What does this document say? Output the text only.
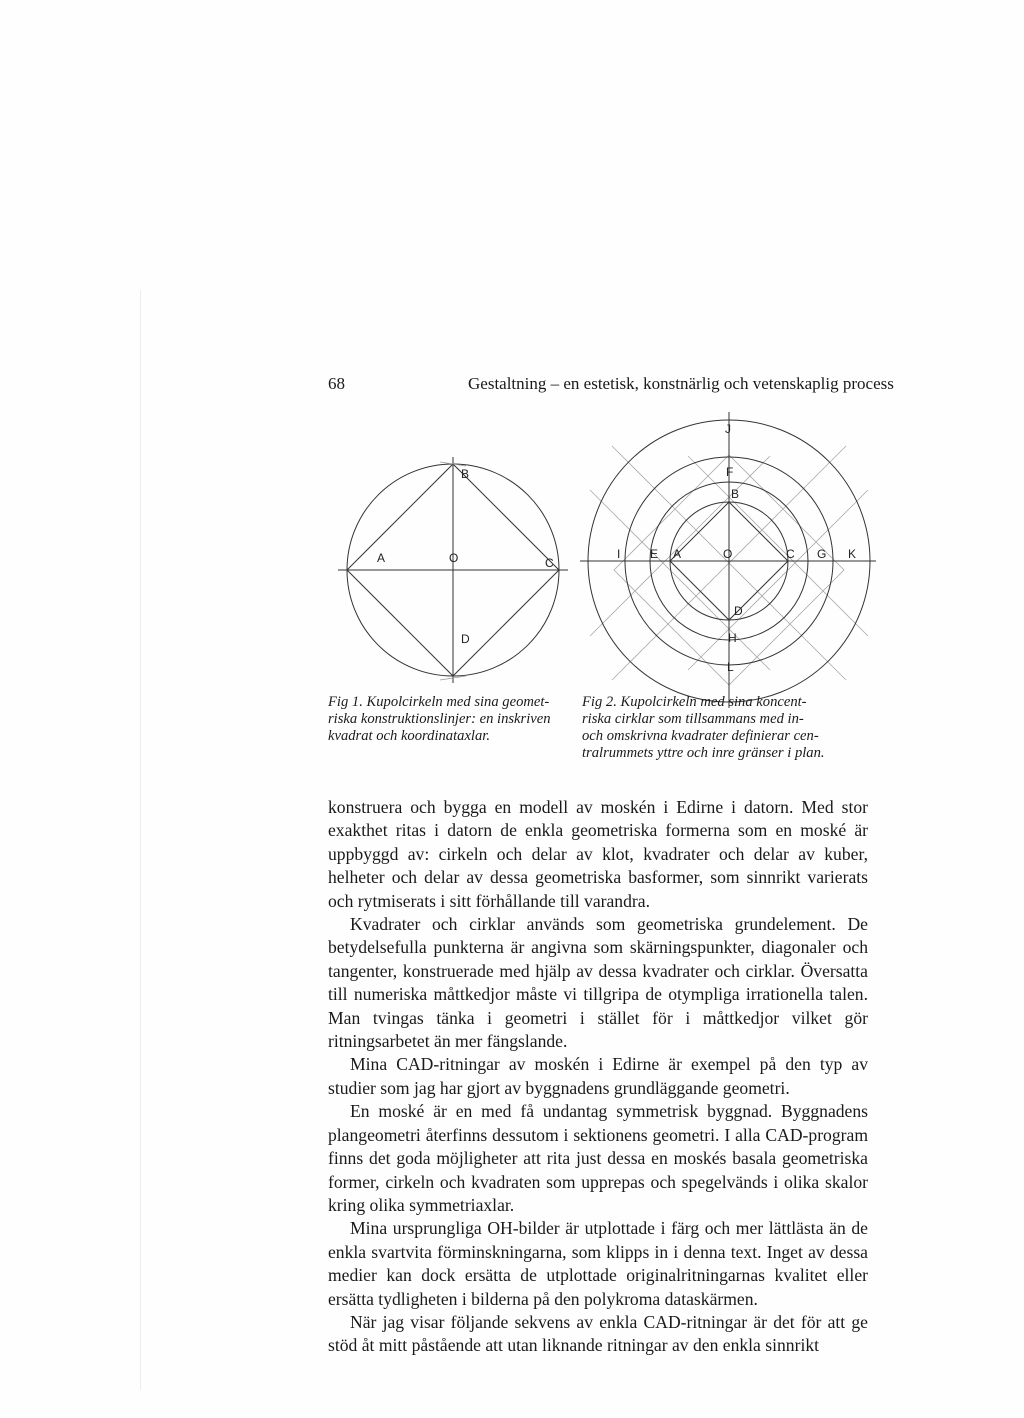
68	Gestaltning – en estetisk, konstnärlig och vetenskaplig process
B
A	O	C
D
J
F
B
I E A	O	C G K
D
H
L
Fig 1. Kupolcirkeln med sina geomet-
riska konstruktionslinjer: en inskriven
kvadrat och koordinataxlar.
Fig 2. Kupolcirkeln med sina koncent-
riska cirklar som tillsammans med in-
och omskrivna kvadrater definierar cen-
tralrummets yttre och inre gränser i plan.

konstruera och bygga en modell av moskén i Edirne i datorn. Med stor exakthet ritas i datorn de enkla geometriska formerna som en moské är uppbyggd av: cirkeln och delar av klot, kvadrater och delar av kuber, helheter och delar av dessa geometriska basformer, som sinnrikt varierats och rytmiserats i sitt förhållande till varandra.

Kvadrater och cirklar används som geometriska grundelement. De betydelsefulla punkterna är angivna som skärningspunkter, diagonaler och tangenter, konstruerade med hjälp av dessa kvadrater och cirklar. Översatta till numeriska måttkedjor måste vi tillgripa de otympliga irrationella talen. Man tvingas tänka i geometri i stället för i måttkedjor vilket gör ritningsarbetet än mer fängslande.

Mina CAD-ritningar av moskén i Edirne är exempel på den typ av studier som jag har gjort av byggnadens grundläggande geometri.

En moské är en med få undantag symmetrisk byggnad. Byggnadens plangeometri återfinns dessutom i sektionens geometri. I alla CAD-program finns det goda möjligheter att rita just dessa en moskés basala geometriska former, cirkeln och kvadraten som upprepas och spegelvänds i olika skalor kring olika symmetriaxlar.

Mina ursprungliga OH-bilder är utplottade i färg och mer lättlästa än de enkla svartvita förminskningarna, som klipps in i denna text. Inget av dessa medier kan dock ersätta de utplottade originalritningarnas kvalitet eller ersätta tydligheten i bilderna på den polykroma dataskärmen.

När jag visar följande sekvens av enkla CAD-ritningar är det för att ge stöd åt mitt påstående att utan liknande ritningar av den enkla sinnrikt
